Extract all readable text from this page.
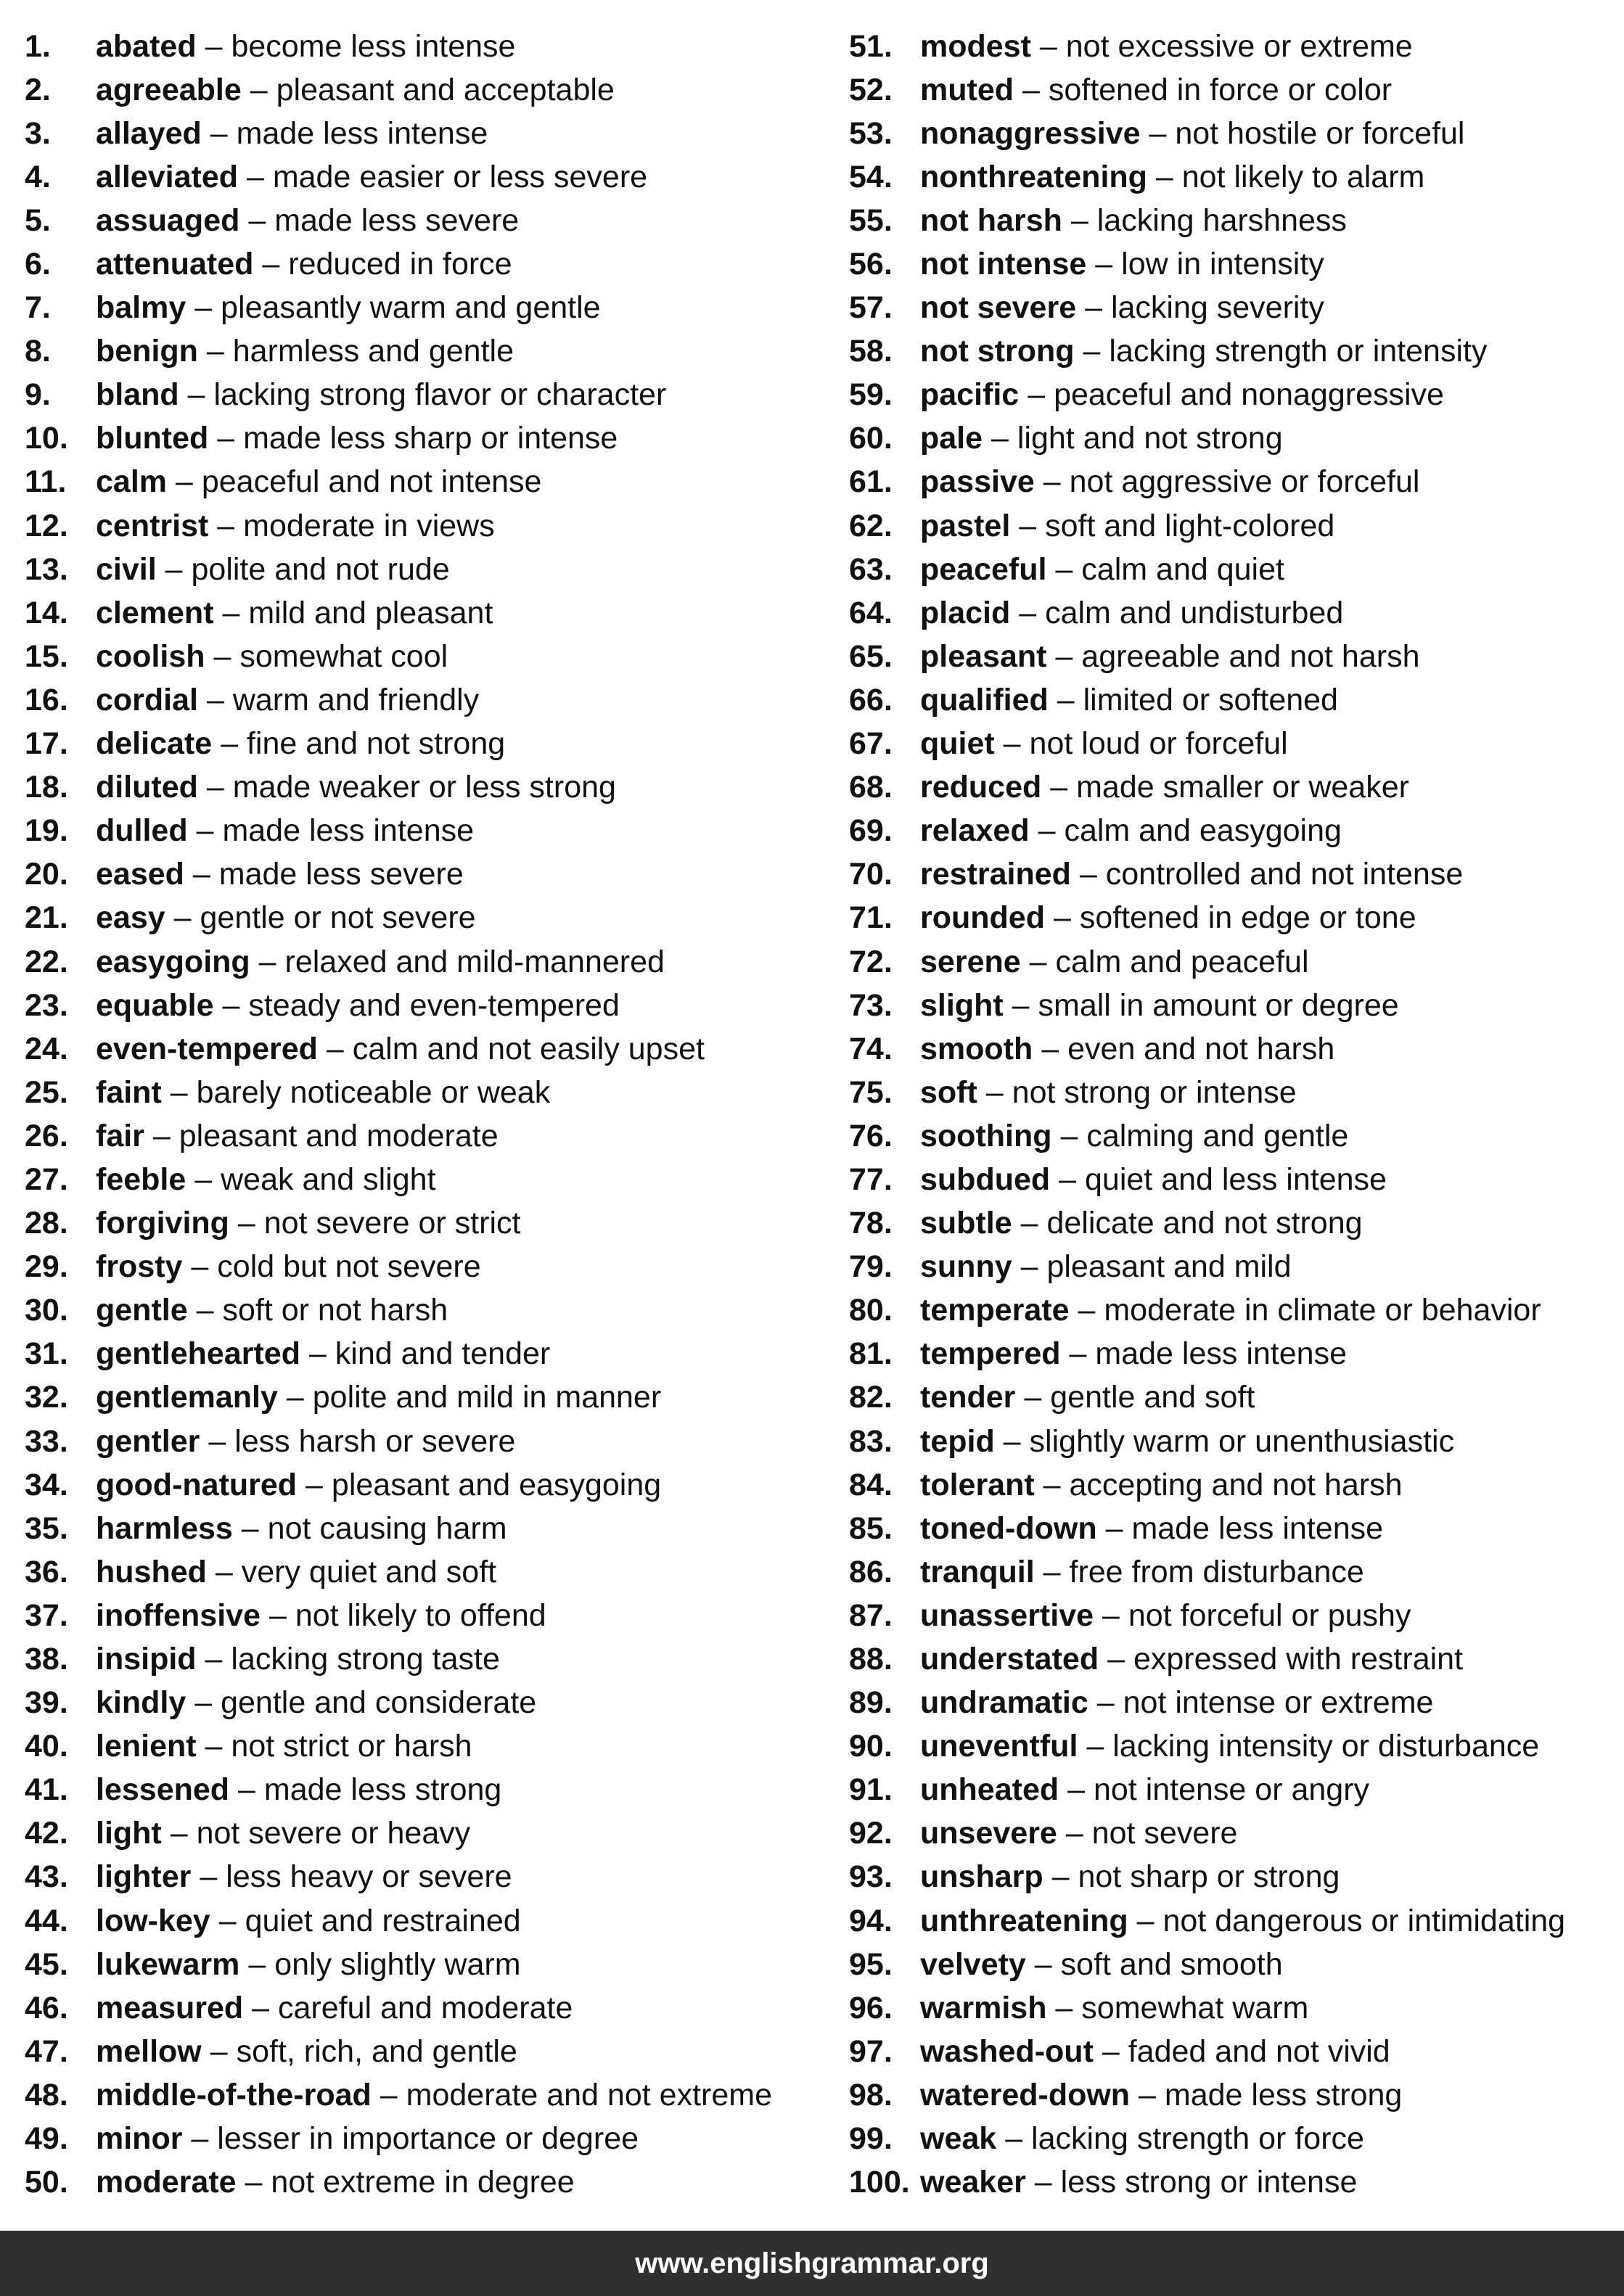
1.	abated – become less intense
2.	agreeable – pleasant and acceptable
3.	allayed – made less intense
4.	alleviated – made easier or less severe
5.	assuaged – made less severe
6.	attenuated – reduced in force
7.	balmy – pleasantly warm and gentle
8.	benign – harmless and gentle
9.	bland – lacking strong flavor or character
10. blunted – made less sharp or intense
11. calm – peaceful and not intense
12. centrist – moderate in views
13. civil – polite and not rude
14. clement – mild and pleasant
15. coolish – somewhat cool
16. cordial – warm and friendly
17. delicate – fine and not strong
18. diluted – made weaker or less strong
19. dulled – made less intense
20. eased – made less severe
21. easy – gentle or not severe
22. easygoing – relaxed and mild-mannered
23. equable – steady and even-tempered
24. even-tempered – calm and not easily upset
25. faint – barely noticeable or weak
26. fair – pleasant and moderate
27. feeble – weak and slight
28. forgiving – not severe or strict
29. frosty – cold but not severe
30. gentle – soft or not harsh
31. gentlehearted – kind and tender
32. gentlemanly – polite and mild in manner
33. gentler – less harsh or severe
34. good-natured – pleasant and easygoing
35. harmless – not causing harm
36. hushed – very quiet and soft
37. inoffensive – not likely to offend
38. insipid – lacking strong taste
39. kindly – gentle and considerate
40. lenient – not strict or harsh
41. lessened – made less strong
42. light – not severe or heavy
43. lighter – less heavy or severe
44. low-key – quiet and restrained
45. lukewarm – only slightly warm
46. measured – careful and moderate
47. mellow – soft, rich, and gentle
48. middle-of-the-road – moderate and not extreme
49. minor – lesser in importance or degree
50. moderate – not extreme in degree
51. modest – not excessive or extreme
52. muted – softened in force or color
53. nonaggressive – not hostile or forceful
54. nonthreatening – not likely to alarm
55. not harsh – lacking harshness
56. not intense – low in intensity
57. not severe – lacking severity
58. not strong – lacking strength or intensity
59. pacific – peaceful and nonaggressive
60. pale – light and not strong
61. passive – not aggressive or forceful
62. pastel – soft and light-colored
63. peaceful – calm and quiet
64. placid – calm and undisturbed
65. pleasant – agreeable and not harsh
66. qualified – limited or softened
67. quiet – not loud or forceful
68. reduced – made smaller or weaker
69. relaxed – calm and easygoing
70. restrained – controlled and not intense
71. rounded – softened in edge or tone
72. serene – calm and peaceful
73. slight – small in amount or degree
74. smooth – even and not harsh
75. soft – not strong or intense
76. soothing – calming and gentle
77. subdued – quiet and less intense
78. subtle – delicate and not strong
79. sunny – pleasant and mild
80. temperate – moderate in climate or behavior
81. tempered – made less intense
82. tender – gentle and soft
83. tepid – slightly warm or unenthusiastic
84. tolerant – accepting and not harsh
85. toned-down – made less intense
86. tranquil – free from disturbance
87. unassertive – not forceful or pushy
88. understated – expressed with restraint
89. undramatic – not intense or extreme
90. uneventful – lacking intensity or disturbance
91. unheated – not intense or angry
92. unsevere – not severe
93. unsharp – not sharp or strong
94. unthreatening – not dangerous or intimidating
95. velvety – soft and smooth
96. warmish – somewhat warm
97. washed-out – faded and not vivid
98. watered-down – made less strong
99. weak – lacking strength or force
100. weaker – less strong or intense
www.englishgrammar.org
